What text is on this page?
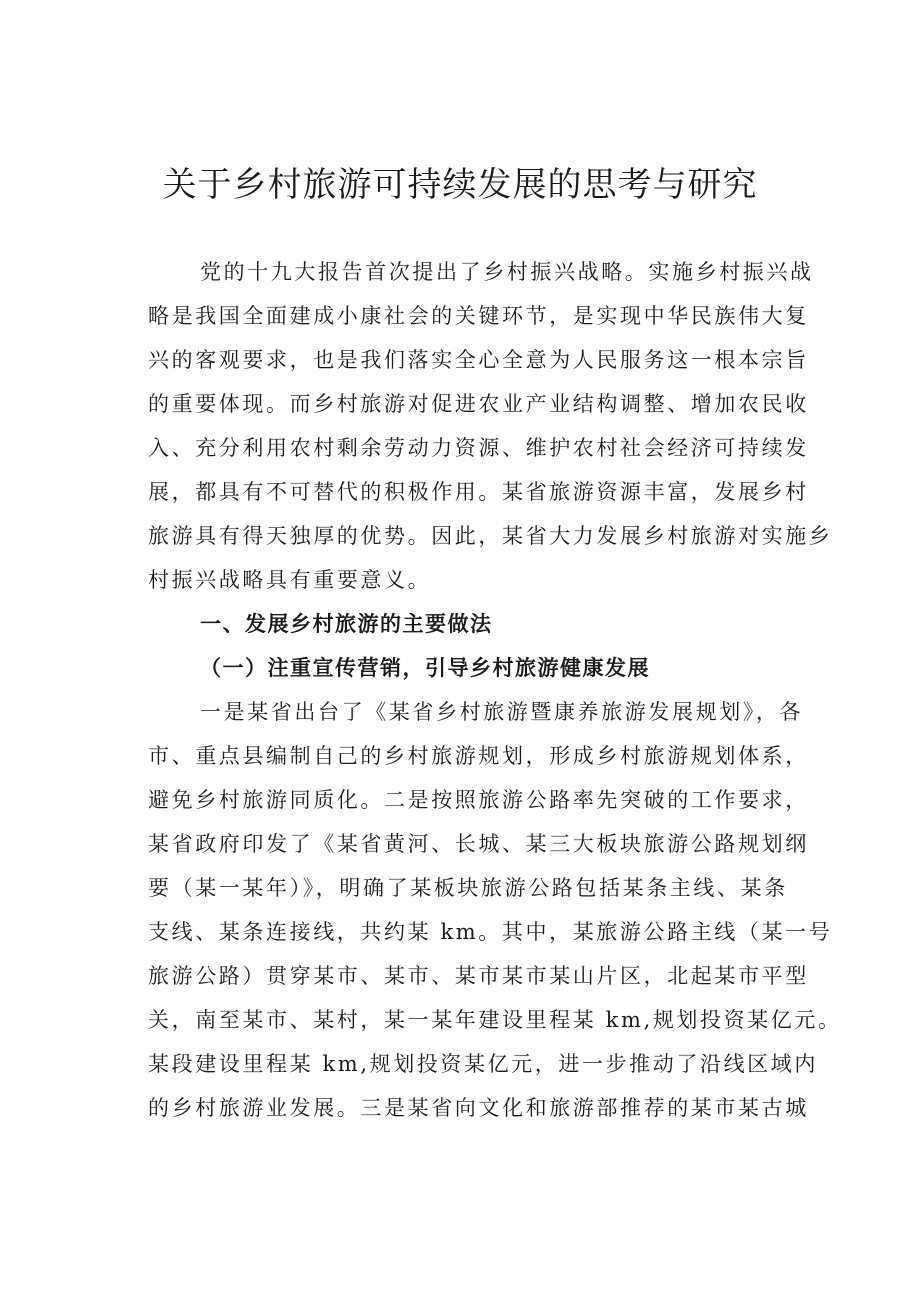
关于乡村旅游可持续发展的思考与研究
党的十九大报告首次提出了乡村振兴战略。实施乡村振兴战
略是我国全面建成小康社会的关键环节，是实现中华民族伟大复
兴的客观要求，也是我们落实全心全意为人民服务这一根本宗旨
的重要体现。而乡村旅游对促进农业产业结构调整、增加农民收
入、充分利用农村剩余劳动力资源、维护农村社会经济可持续发
展，都具有不可替代的积极作用。某省旅游资源丰富，发展乡村
旅游具有得天独厚的优势。因此，某省大力发展乡村旅游对实施乡
村振兴战略具有重要意义。
一、发展乡村旅游的主要做法
（一）注重宣传营销，引导乡村旅游健康发展
一是某省出台了《某省乡村旅游暨康养旅游发展规划》，各
市、重点县编制自己的乡村旅游规划，形成乡村旅游规划体系，
避免乡村旅游同质化。二是按照旅游公路率先突破的工作要求，
某省政府印发了《某省黄河、长城、某三大板块旅游公路规划纲
要（某一某年）》，明确了某板块旅游公路包括某条主线、某条
支线、某条连接线，共约某 km。其中，某旅游公路主线（某一号
旅游公路）贯穿某市、某市、某市某市某山片区，北起某市平型
关，南至某市、某村，某一某年建设里程某 km,规划投资某亿元。
某段建设里程某 km,规划投资某亿元，进一步推动了沿线区域内
的乡村旅游业发展。三是某省向文化和旅游部推荐的某市某古城
